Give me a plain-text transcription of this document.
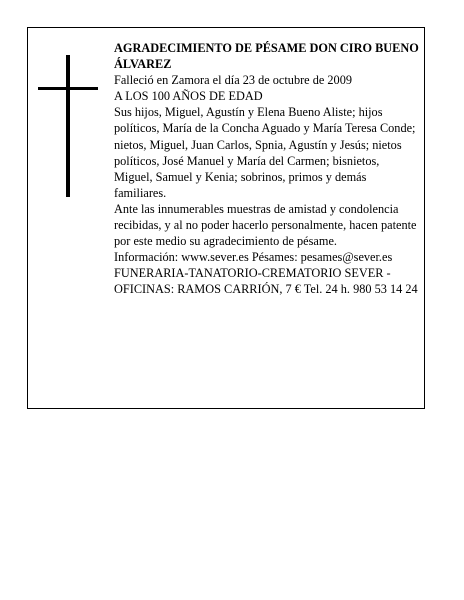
AGRADECIMIENTO DE PÉSAME DON CIRO BUENO ÁLVAREZ

Falleció en Zamora el día 23 de octubre de 2009

A LOS 100 AÑOS DE EDAD

Sus hijos, Miguel, Agustín y Elena Bueno Aliste; hijos políticos, María de la Concha Aguado y María Teresa Conde; nietos, Miguel, Juan Carlos, Spnia, Agustín y Jesús; nietos políticos, José Manuel y María del Carmen; bisnietos, Miguel, Samuel y Kenia; sobrinos, primos y demás familiares.

Ante las innumerables muestras de amistad y condolencia recibidas, y al no poder hacerlo personalmente, hacen patente por este medio su agradecimiento de pésame.

Información: www.sever.es Pésames: pesames@sever.es

FUNERARIA-TANATORIO-CREMATORIO SEVER - OFICINAS: RAMOS CARRIÓN, 7 € Tel. 24 h. 980 53 14 24
